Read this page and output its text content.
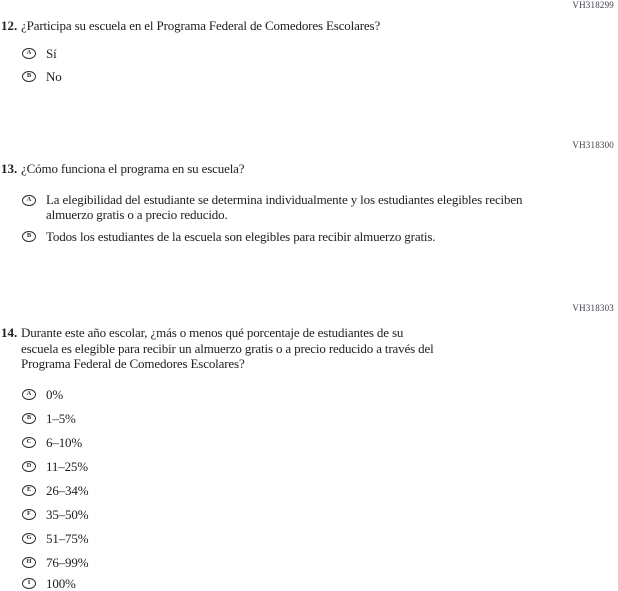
VH318299
12. ¿Participa su escuela en el Programa Federal de Comedores Escolares?
A Sí
B No
VH318300
13. ¿Cómo funciona el programa en su escuela?
A La elegibilidad del estudiante se determina individualmente y los estudiantes elegibles reciben
almuerzo gratis o a precio reducido.
B Todos los estudiantes de la escuela son elegibles para recibir almuerzo gratis.
VH318303
14. Durante este año escolar, ¿más o menos qué porcentaje de estudiantes de su
escuela es elegible para recibir un almuerzo gratis o a precio reducido a través del
Programa Federal de Comedores Escolares?
A 0%
B 1–5%
C 6–10%
D 11–25%
E 26–34%
F 35–50%
G 51–75%
H 76–99%
I 100%
